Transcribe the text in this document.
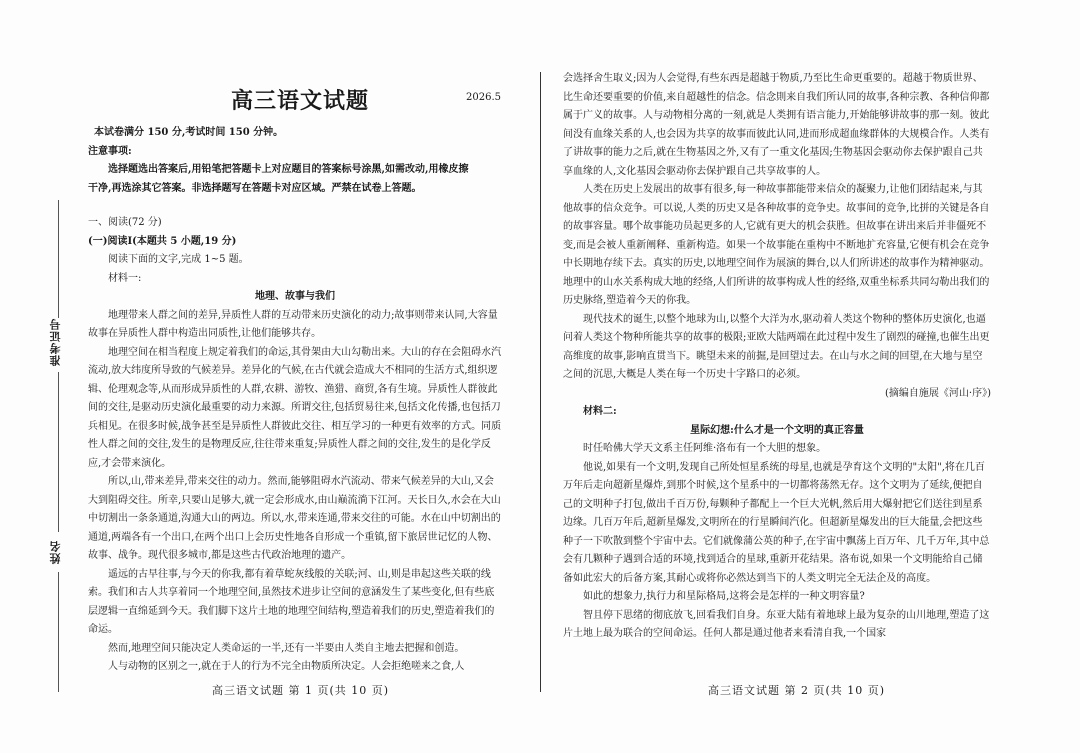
准考证号
姓名
高三语文试题	2026.5

本试卷满分 150 分,考试时间 150 分钟。

注意事项:

选择题选出答案后,用铅笔把答题卡上对应题目的答案标号涂黑,如需改动,用橡皮擦

干净,再选涂其它答案。非选择题写在答题卡对应区域。严禁在试卷上答题。

一、阅读(72 分)

(一)阅读Ⅰ(本题共 5 小题,19 分)

阅读下面的文字,完成 1~5 题。

材料一:

地理、故事与我们

地理带来人群之间的差异,异质性人群的互动带来历史演化的动力;故事则带来认同,大容量故事在异质性人群中构造出同质性,让他们能够共存。

地理空间在相当程度上规定着我们的命运,其骨架由大山勾勒出来。大山的存在会阻碍水汽流动,放大纬度所导致的气候差异。差异化的气候,在古代就会造成大不相同的生活方式,组织逻辑、伦理观念等,从而形成异质性的人群,农耕、游牧、渔猎、商贸,各有生境。异质性人群彼此间的交往,是驱动历史演化最重要的动力来源。所谓交往,包括贸易往来,包括文化传播,也包括刀兵相见。在很多时候,战争甚至是异质性人群彼此交往、相互学习的一种更有效率的方式。同质性人群之间的交往,发生的是物理反应,往往带来重复;异质性人群之间的交往,发生的是化学反应,才会带来演化。

所以,山,带来差异,带来交往的动力。然而,能够阻碍水汽流动、带来气候差异的大山,又会大到阻碍交往。所幸,只要山足够大,就一定会形成水,由山巅流淌下江河。天长日久,水会在大山中切割出一条条通道,沟通大山的两边。所以,水,带来连通,带来交往的可能。水在山中切割出的通道,两端各有一个出口,在两个出口上会历史性地各自形成一个重镇,留下旅居世记忆的人物、故事、战争。现代很多城市,都是这些古代政治地理的遗产。

遥远的古早往事,与今天的你我,都有着草蛇灰线般的关联;河、山,则是串起这些关联的线索。我们和古人共享着同一个地理空间,虽然技术进步让空间的意涵发生了某些变化,但有些底层逻辑一直绵延到今天。我们脚下这片土地的地理空间结构,塑造着我们的历史,塑造着我们的命运。

然而,地理空间只能决定人类命运的一半,还有一半要由人类自主地去把握和创造。

人与动物的区别之一,就在于人的行为不完全由物质所决定。人会拒绝嗟来之食,人

高三语文试题 第 1 页(共 10 页)

会选择舍生取义;因为人会觉得,有些东西是超越于物质,乃至比生命更重要的。超越于物质世界、比生命还要重要的价值,来自超越性的信念。信念則来自我们所认同的故事,各种宗教、各种信仰都属于广义的故事。人与动物相分离的一刻,就是人类拥有语言能力,开始能够讲故事的那一刻。彼此间没有血缘关系的人,也会因为共享的故事而彼此认同,进而形成超血缘群体的大规模合作。人类有了讲故事的能力之后,就在生物基因之外,又有了一重文化基因;生物基因会驱动你去保护跟自己共享血缘的人,文化基因会驱动你去保护跟自己共享故事的人。

人类在历史上发展出的故事有很多,每一种故事都能带来信众的凝聚力,让他们团结起来,与其他故事的信众竞争。可以说,人类的历史又是各种故事的竞争史。故事间的竞争,比拼的关键是各自的故事容量。哪个故事能功员起更多的人,它就有更大的机会获胜。但故事在讲出来后并非僵死不变,而是会被人重新阐释、重新构造。如果一个故事能在重构中不断地扩充容量,它便有机会在竞争中长期地存续下去。真实的历史,以地理空间作为展演的舞台,以人们所讲述的故事作为精神驱动。地理中的山水关系构成大地的经络,人们所讲的故事构成人性的经络,双重坐标系共同勾勒出我们的历史脉络,塑造着今天的你我。

现代技术的诞生,以整个地球为山,以整个大洋为水,驱动着人类这个物种的整体历史演化,也逼问着人类这个物种所能共享的故事的极限;亚欧大陆两端在此过程中发生了剧烈的碰撞,也催生出更高维度的故事,影响直贯当下。眺望未来的前掘,是回望过去。在山与水之间的回望,在大地与星空之间的沉思,大概是人类在每一个历史十字路口的必须。

(摘编自施展《河山·序》)

材料二:

星际幻想:什么才是一个文明的真正容量

时任哈佛大学天文系主任阿维·洛布有一个大胆的想象。

他说,如果有一个文明,发现自己所处恒星系统的母星,也就是孕育这个文明的"太阳",将在几百万年后走向超新星爆炸,到那个时候,这个星系中的一切都将荡然无存。这个文明为了延续,便把自己的文明种子打包,做出千百万份,每颗种子都配上一个巨大光帆,然后用大爆射把它们送往到星系边缘。几百万年后,超新星爆发,文明所在的行星瞬间汽化。但超新星爆发出的巨大能量,会把这些种子一下吹散到整个宇宙中去。它们就像蒲公英的种子,在宇宙中飘荡上百万年、几千万年,其中总会有几颗种子遇到合适的环境,找到适合的星球,重新开花结果。洛布说,如果一个文明能给自己储备如此宏大的后备方案,其耐心或将你必然达到当下的人类文明完全无法企及的高度。

如此的想象力,执行力和星际格局,这将会是怎样的一种文明容量?

智且停下思绪的彻底放飞,回看我们自身。东亚大陆有着地球上最为复杂的山川地理,塑造了这片土地上最为联合的空间命运。任何人都是通过他者来看清自我,一个国家

高三语文试题 第 2 页(共 10 页)
